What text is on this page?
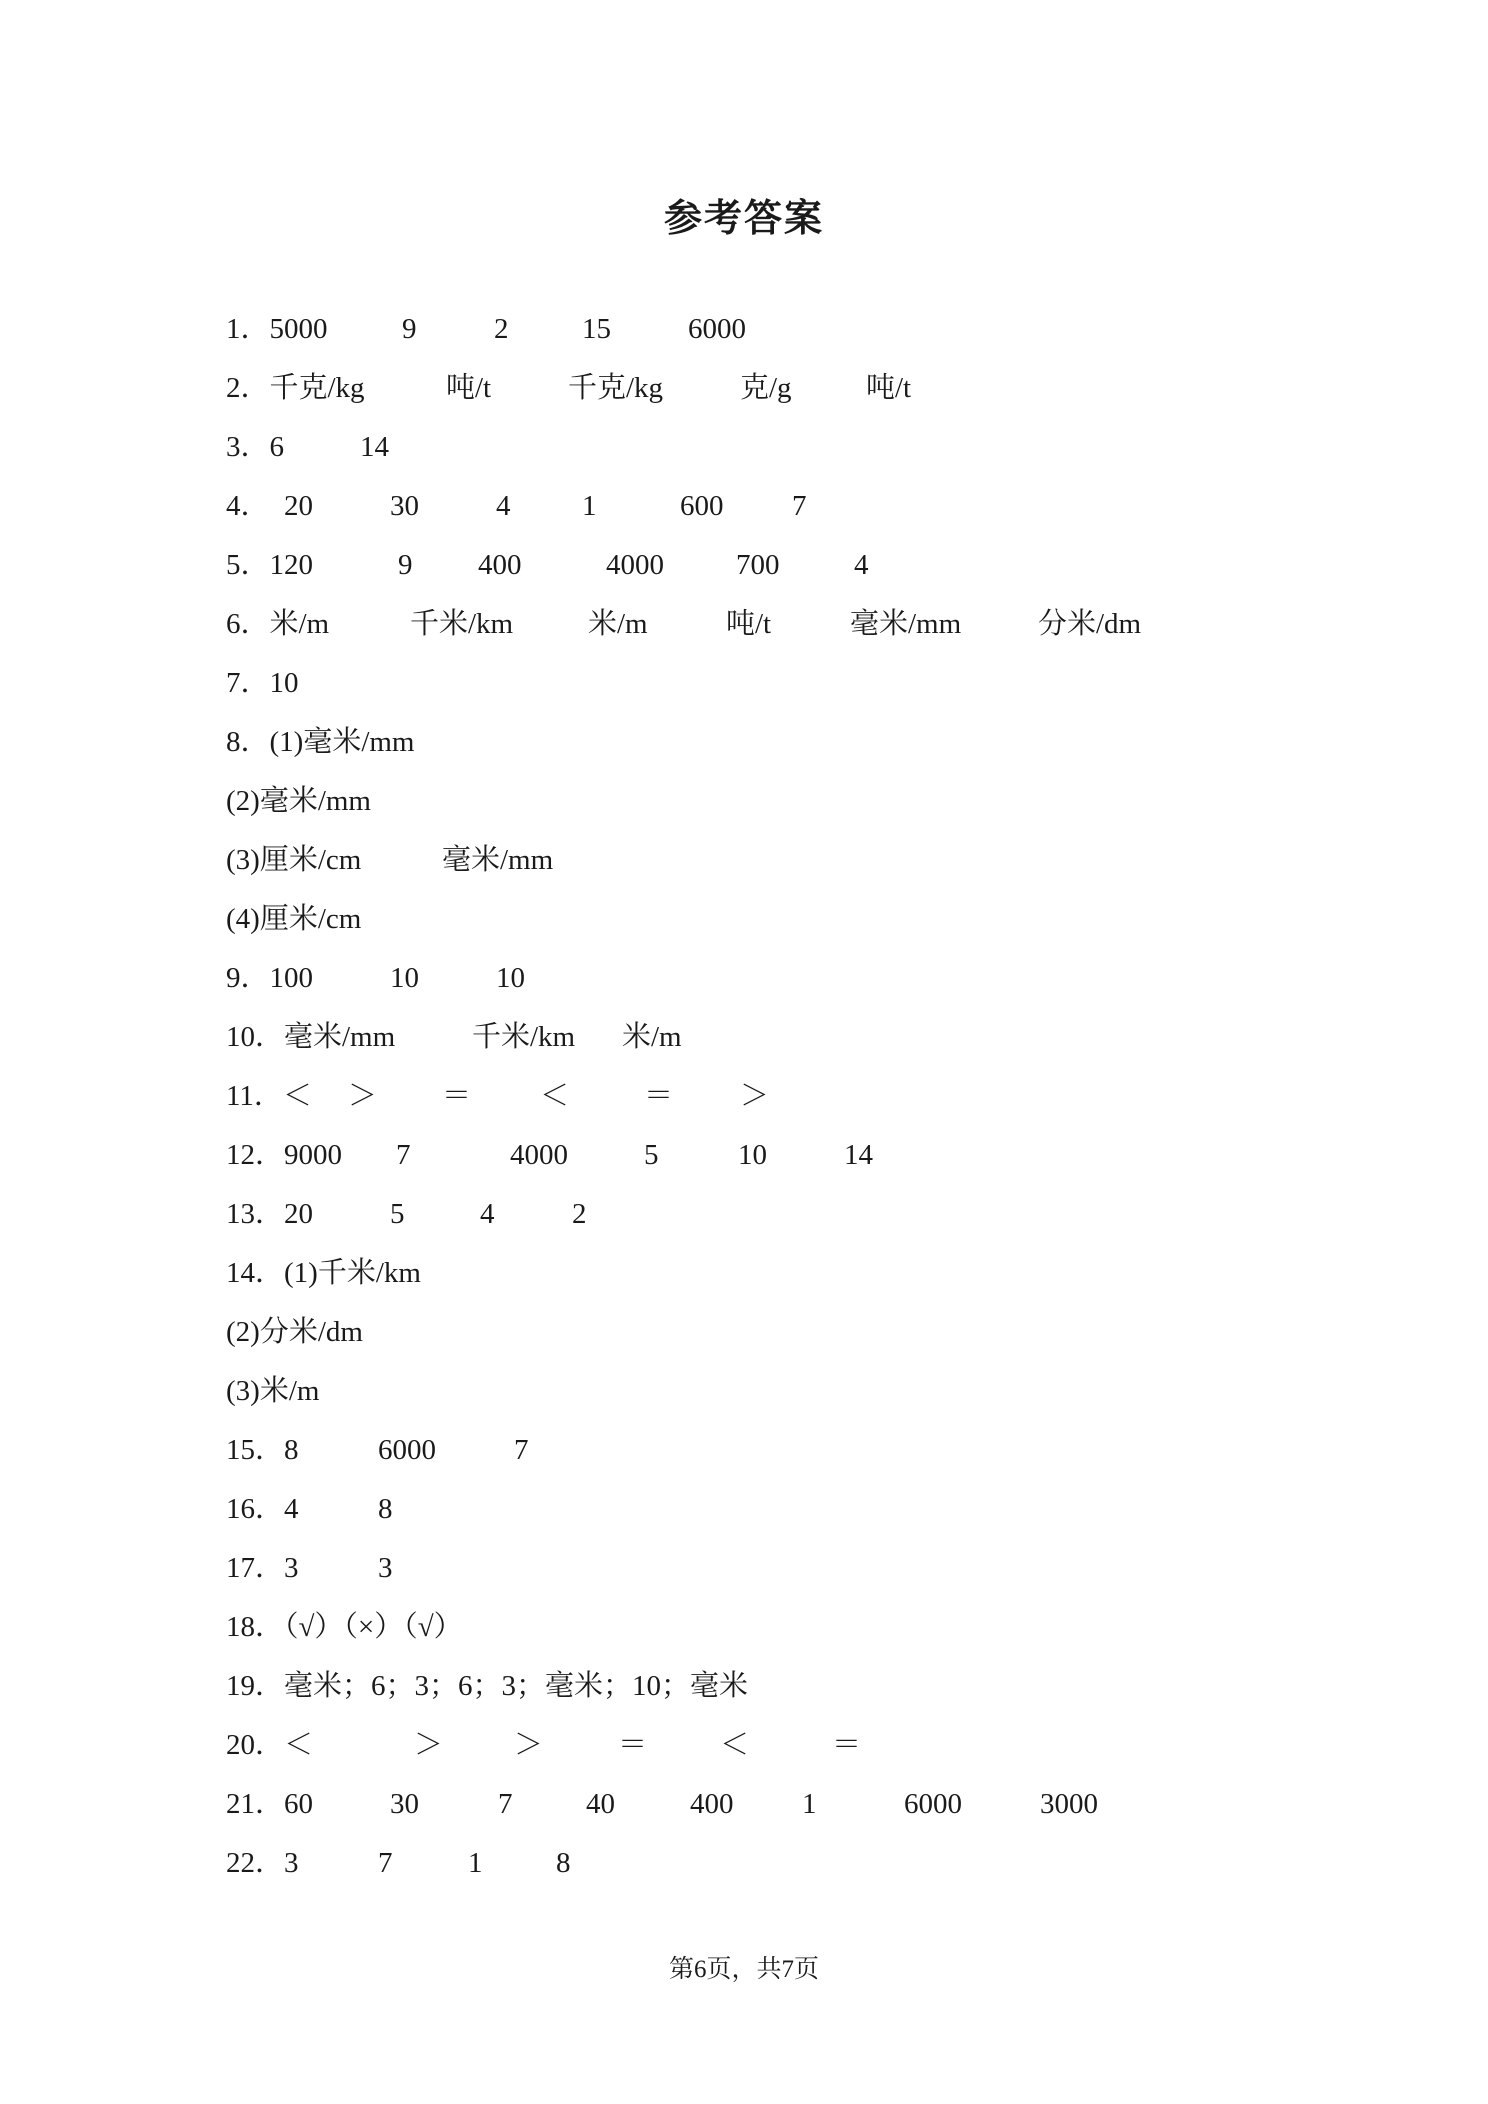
参考答案
1．5000	9	2	15	6000
2．千克/kg	吨/t	千克/kg	克/g	吨/t
3．6	14
4．  20	30	4 1	600 7
5．120	9 400	4000 700	4
6．米/m	千米/km	米/m	吨/t	毫米/mm	分米/dm
7．10
8．(1)毫米/mm
(2)毫米/mm
(3)厘米/cm	毫米/mm
(4)厘米/cm
9．100	10	10
10．毫米/mm	千米/km 米/m
11．＜ ＞ ＝ ＜	＝ ＞
12．9000 7	4000	5	10	14
13．20	5	4	2
14．(1)千米/km
(2)分米/dm
(3)米/m
15．8	6000	7
16．4	8
17．3	3
18．（√）（×）（√）
19．毫米；6；3；6；3；毫米；10；毫米
20．＜	＞ ＞	＝	＜	＝
21．60	30	7	40	400 1	6000	3000
22．3	7	1	8
第6页，共7页
